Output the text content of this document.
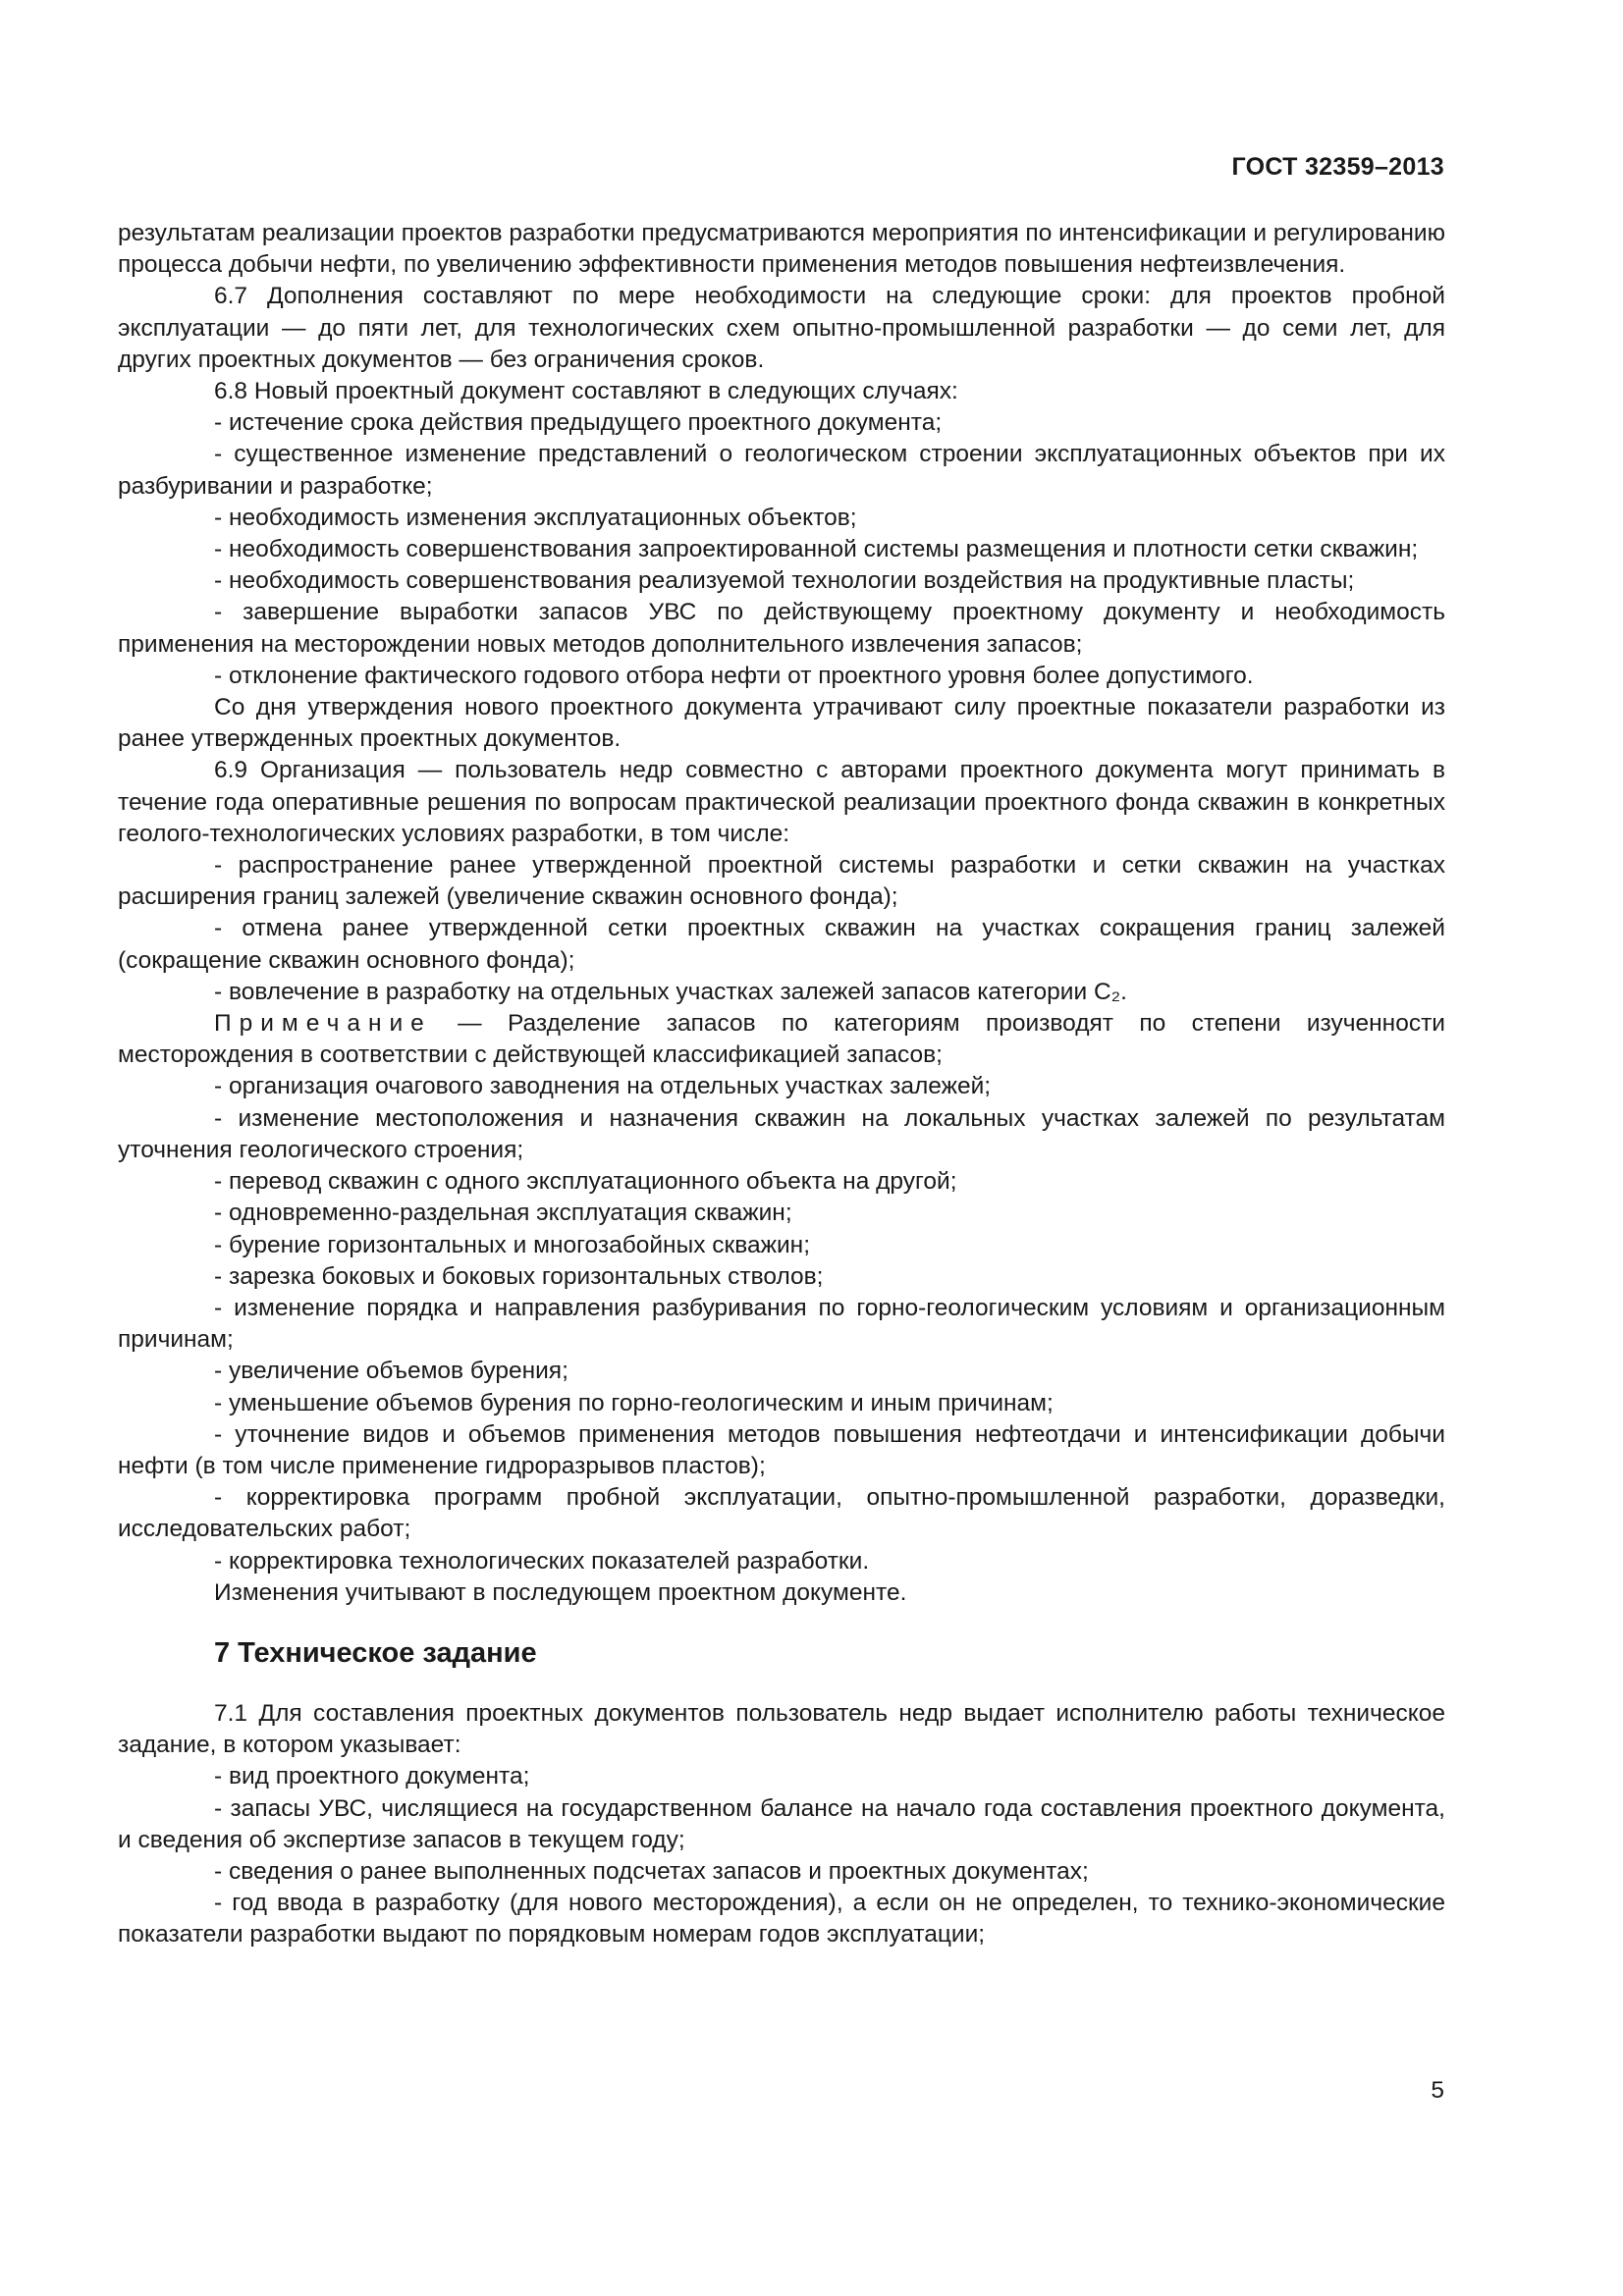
ГОСТ 32359–2013

результатам реализации проектов разработки предусматриваются мероприятия по интенсификации и регулированию процесса добычи нефти, по увеличению эффективности применения методов повышения нефтеизвлечения.

6.7 Дополнения составляют по мере необходимости на следующие сроки: для проектов пробной эксплуатации — до пяти лет, для технологических схем опытно-промышленной разработки — до семи лет, для других проектных документов — без ограничения сроков.

6.8 Новый проектный документ составляют в следующих случаях:

- истечение срока действия предыдущего проектного документа;

- существенное изменение представлений о геологическом строении эксплуатационных объектов при их разбуривании и разработке;

- необходимость изменения эксплуатационных объектов;

- необходимость совершенствования запроектированной системы размещения и плотности сетки скважин;

- необходимость совершенствования реализуемой технологии воздействия на продуктивные пласты;

- завершение выработки запасов УВС по действующему проектному документу и необходимость применения на месторождении новых методов дополнительного извлечения запасов;

- отклонение фактического годового отбора нефти от проектного уровня более допустимого.

Со дня утверждения нового проектного документа утрачивают силу проектные показатели разработки из ранее утвержденных проектных документов.

6.9 Организация — пользователь недр совместно с авторами проектного документа могут принимать в течение года оперативные решения по вопросам практической реализации проектного фонда скважин в конкретных геолого-технологических условиях разработки, в том числе:

- распространение ранее утвержденной проектной системы разработки и сетки скважин на участках расширения границ залежей (увеличение скважин основного фонда);

- отмена ранее утвержденной сетки проектных скважин на участках сокращения границ залежей (сокращение скважин основного фонда);

- вовлечение в разработку на отдельных участках залежей запасов категории C₂.

Примечание — Разделение запасов по категориям производят по степени изученности месторождения в соответствии с действующей классификацией запасов;

- организация очагового заводнения на отдельных участках залежей;

- изменение местоположения и назначения скважин на локальных участках залежей по результатам уточнения геологического строения;

- перевод скважин с одного эксплуатационного объекта на другой;

- одновременно-раздельная эксплуатация скважин;

- бурение горизонтальных и многозабойных скважин;

- зарезка боковых и боковых горизонтальных стволов;

- изменение порядка и направления разбуривания по горно-геологическим условиям и организационным причинам;

- увеличение объемов бурения;

- уменьшение объемов бурения по горно-геологическим и иным причинам;

- уточнение видов и объемов применения методов повышения нефтеотдачи и интенсификации добычи нефти (в том числе применение гидроразрывов пластов);

- корректировка программ пробной эксплуатации, опытно-промышленной разработки, доразведки, исследовательских работ;

- корректировка технологических показателей разработки.

Изменения учитывают в последующем проектном документе.

7 Техническое задание

7.1 Для составления проектных документов пользователь недр выдает исполнителю работы техническое задание, в котором указывает:

- вид проектного документа;

- запасы УВС, числящиеся на государственном балансе на начало года составления проектного документа, и сведения об экспертизе запасов в текущем году;

- сведения о ранее выполненных подсчетах запасов и проектных документах;

- год ввода в разработку (для нового месторождения), а если он не определен, то технико-экономические показатели разработки выдают по порядковым номерам годов эксплуатации;

5
